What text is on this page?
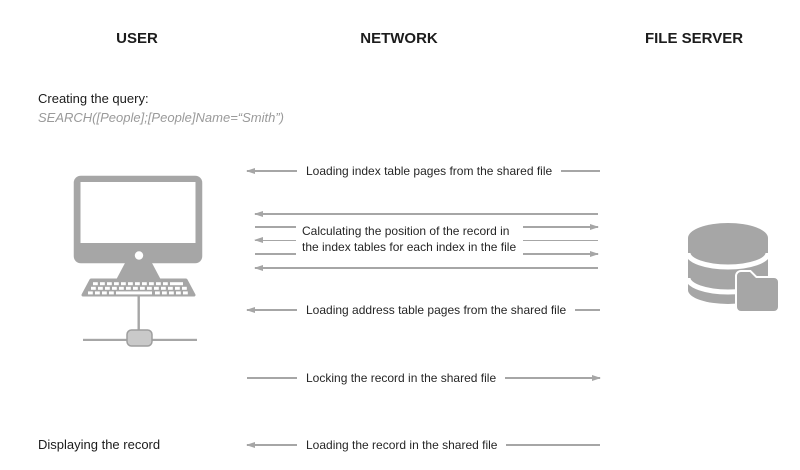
USER	NETWORK	FILE SERVER
Creating the query:
SEARCH([People];[People]Name=“Smith”)
Loading index table pages from the shared file
Calculating the position of the record in
the index tables for each index in the file
Loading address table pages from the shared file
Locking the record in the shared file
Loading the record in the shared file
Displaying the record
